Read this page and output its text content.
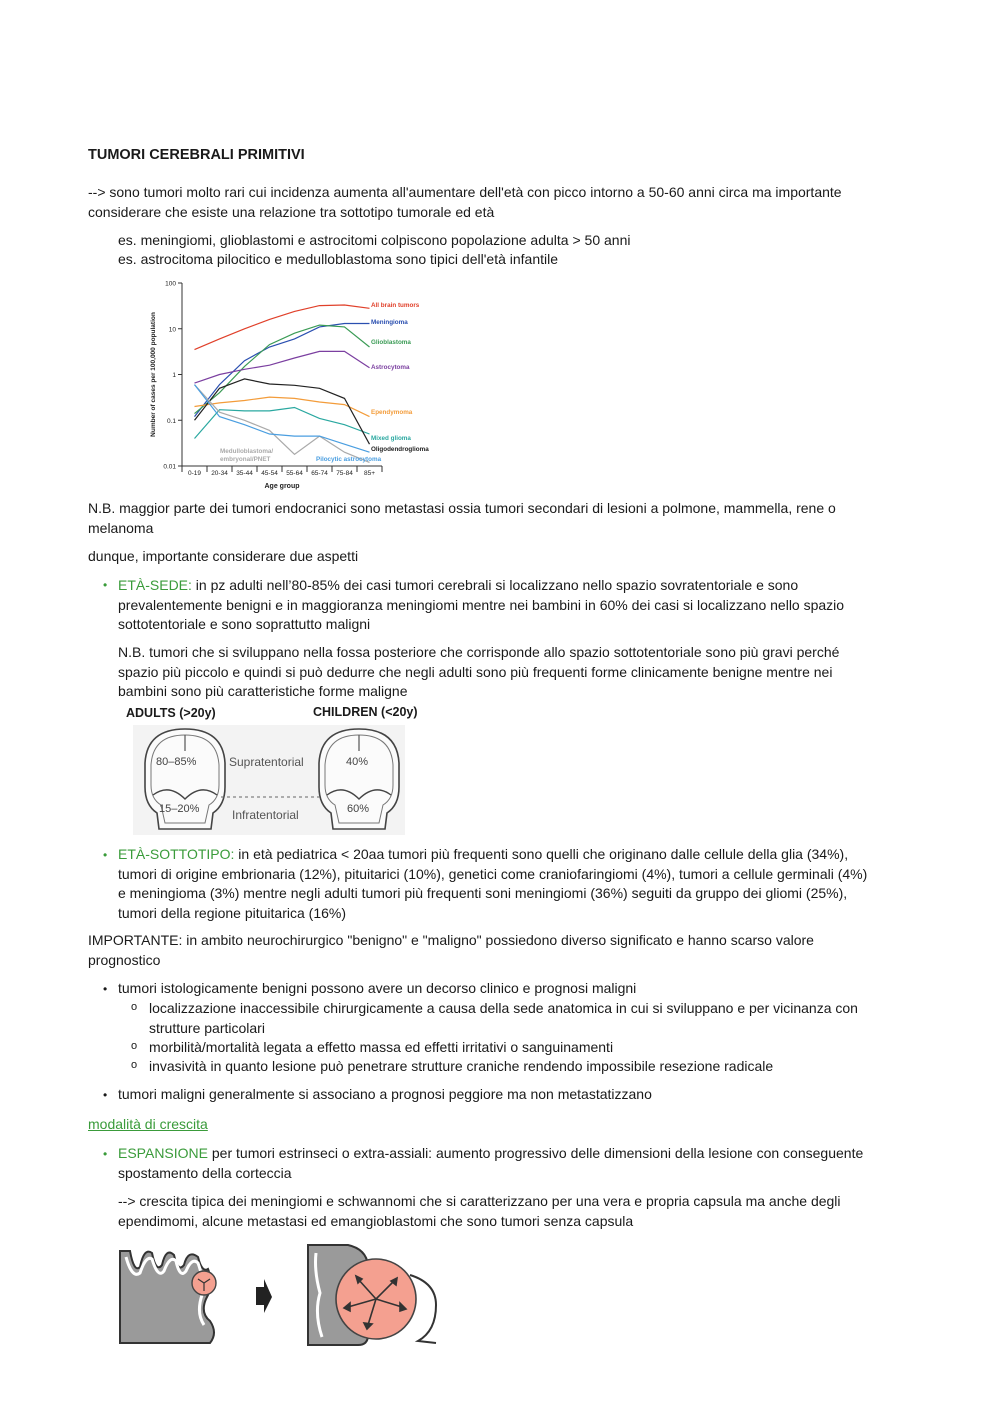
TUMORI CEREBRALI PRIMITIVI
--> sono tumori molto rari cui incidenza aumenta all'aumentare dell'età con picco intorno a 50-60 anni circa ma importante considerare che esiste una relazione tra sottotipo tumorale ed età
es. meningiomi, glioblastomi e astrocitomi colpiscono popolazione adulta > 50 anni
es. astrocitoma pilocitico e medulloblastoma sono tipici dell'età infantile
100
10
1
0.1
0.01
0-19 20-34 35-44 45-54 55-64 65-74 75-84 85+
Age group
Number of cases per 100,000 population
All brain tumors
Meningioma
Glioblastoma
Astrocytoma
Ependymoma
Mixed glioma
Oligodendroglioma
Medulloblastoma/
embryonal/PNET	Pilocytic astrocytoma
N.B. maggior parte dei tumori endocranici sono metastasi ossia tumori secondari di lesioni a polmone, mammella, rene o melanoma
dunque, importante considerare due aspetti
• ETÀ-SEDE: in pz adulti nell’80-85% dei casi tumori cerebrali si localizzano nello spazio sovratentoriale e sono prevalentemente benigni e in maggioranza meningiomi mentre nei bambini in 60% dei casi si localizzano nello spazio sottotentoriale e sono soprattutto maligni
N.B. tumori che si sviluppano nella fossa posteriore che corrisponde allo spazio sottotentoriale sono più gravi perché spazio più piccolo e quindi si può dedurre che negli adulti sono più frequenti forme clinicamente benigne mentre nei bambini sono più caratteristiche forme maligne
ADULTS (>20y)	CHILDREN (<20y)
80–85%
15–20%
Supratentorial
Infratentorial
40%
60%
• ETÀ-SOTTOTIPO: in età pediatrica < 20aa tumori più frequenti sono quelli che originano dalle cellule della glia (34%), tumori di origine embrionaria (12%), pituitarici (10%), genetici come craniofaringiomi (4%), tumori a cellule germinali (4%) e meningioma (3%) mentre negli adulti tumori più frequenti soni meningiomi (36%) seguiti da gruppo dei gliomi (25%), tumori della regione pituitarica (16%)
IMPORTANTE: in ambito neurochirurgico "benigno" e "maligno" possiedono diverso significato e hanno scarso valore prognostico
• tumori istologicamente benigni possono avere un decorso clinico e prognosi maligni
o localizzazione inaccessibile chirurgicamente a causa della sede anatomica in cui si sviluppano e per vicinanza con strutture particolari
o morbilità/mortalità legata a effetto massa ed effetti irritativi o sanguinamenti
o invasività in quanto lesione può penetrare strutture craniche rendendo impossibile resezione radicale
• tumori maligni generalmente si associano a prognosi peggiore ma non metastatizzano
modalità di crescita
• ESPANSIONE per tumori estrinseci o extra-assiali: aumento progressivo delle dimensioni della lesione con conseguente spostamento della corteccia
--> crescita tipica dei meningiomi e schwannomi che si caratterizzano per una vera e propria capsula ma anche degli ependimomi, alcune metastasi ed emangioblastomi che sono tumori senza capsula
